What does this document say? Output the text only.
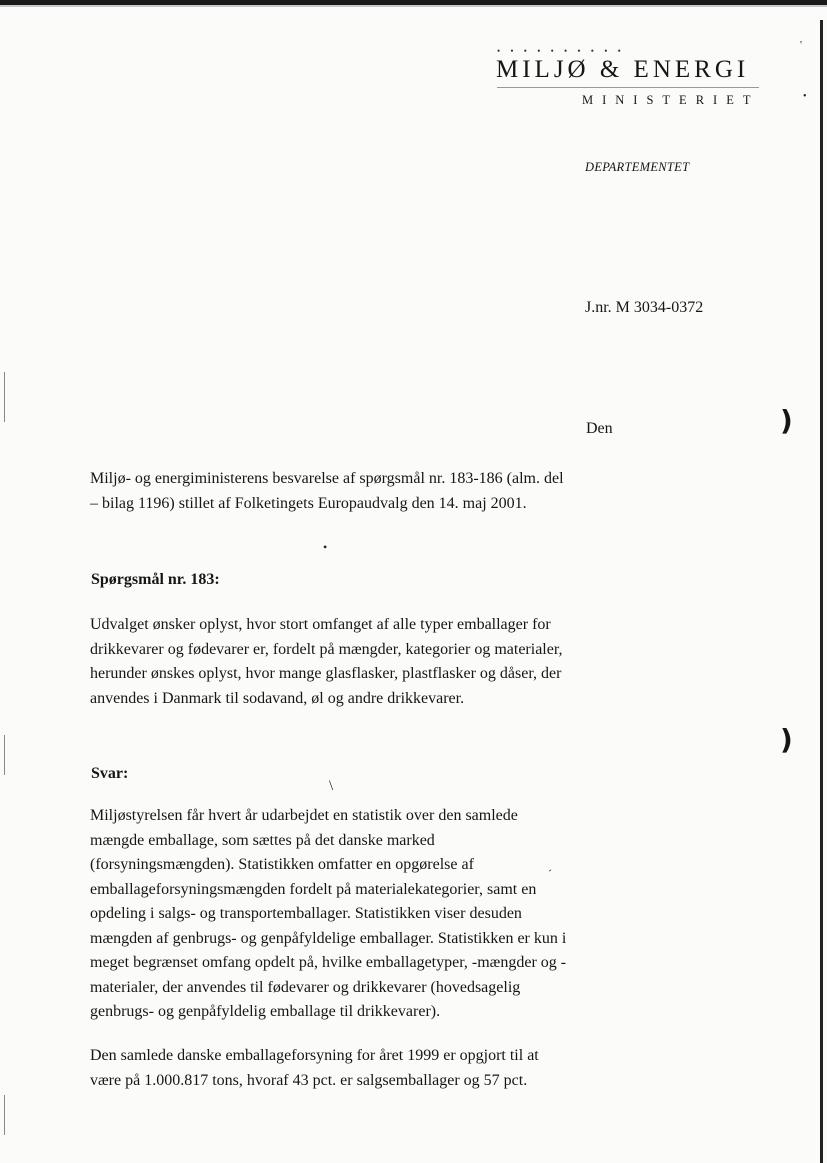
• • • • • • • • • •
MILJØ & ENERGI
MINISTERIET
DEPARTEMENTET
J.nr. M 3034-0372
Den
'
•
•
\
´
)
)

Miljø- og energiministerens besvarelse af spørgsmål nr. 183-186 (alm. del – bilag 1196) stillet af Folketingets Europaudvalg den 14. maj 2001.

Spørgsmål nr. 183:

Udvalget ønsker oplyst, hvor stort omfanget af alle typer emballager for drikkevarer og fødevarer er, fordelt på mængder, kategorier og materialer, herunder ønskes oplyst, hvor mange glasflasker, plastflasker og dåser, der anvendes i Danmark til sodavand, øl og andre drikkevarer.

Svar:

Miljøstyrelsen får hvert år udarbejdet en statistik over den samlede mængde emballage, som sættes på det danske marked (forsyningsmængden). Statistikken omfatter en opgørelse af emballageforsyningsmængden fordelt på materialekategorier, samt en opdeling i salgs- og transportemballager. Statistikken viser desuden mængden af genbrugs- og genpåfyldelige emballager. Statistikken er kun i meget begrænset omfang opdelt på, hvilke emballagetyper, -mængder og -materialer, der anvendes til fødevarer og drikkevarer (hovedsagelig genbrugs- og genpåfyldelig emballage til drikkevarer).

Den samlede danske emballageforsyning for året 1999 er opgjort til at være på 1.000.817 tons, hvoraf 43 pct. er salgsemballager og 57 pct.
